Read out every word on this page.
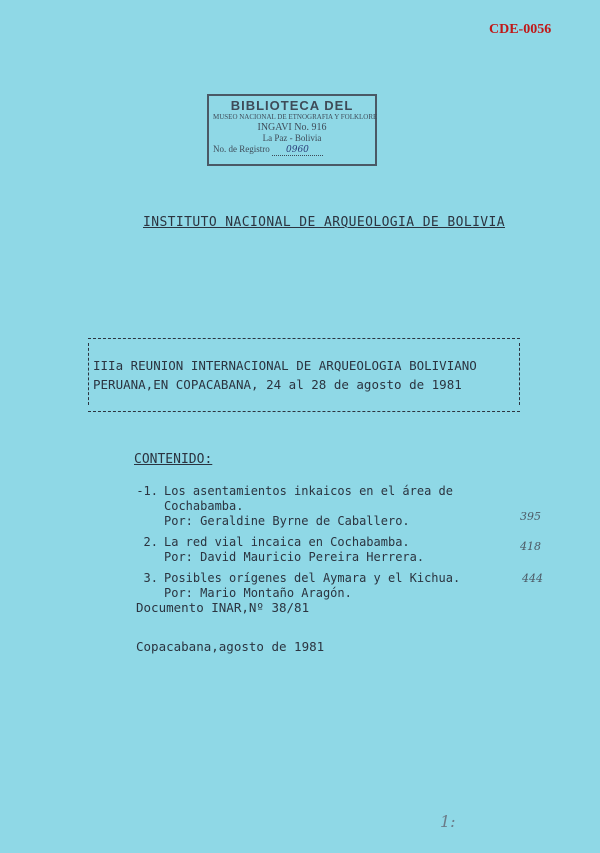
CDE-0056
BIBLIOTECA DEL
MUSEO NACIONAL DE ETNOGRAFIA Y FOLKLORE
INGAVI No. 916
La Paz - Bolivia
No. de Registro 0960
INSTITUTO NACIONAL DE ARQUEOLOGIA DE BOLIVIA
IIIa REUNION INTERNACIONAL DE ARQUEOLOGIA BOLIVIANO
PERUANA,EN COPACABANA, 24 al 28 de agosto de 1981
CONTENIDO:
-1. Los asentamientos inkaicos en el área de Cochabamba.
Por: Geraldine Byrne de Caballero.
2. La red vial incaica en Cochabamba.
Por: David Mauricio Pereira Herrera.
3. Posibles orígenes del Aymara y el Kichua.
Por: Mario Montaño Aragón.
395
418
444
Documento INAR,Nº 38/81
Copacabana,agosto de 1981
1:
